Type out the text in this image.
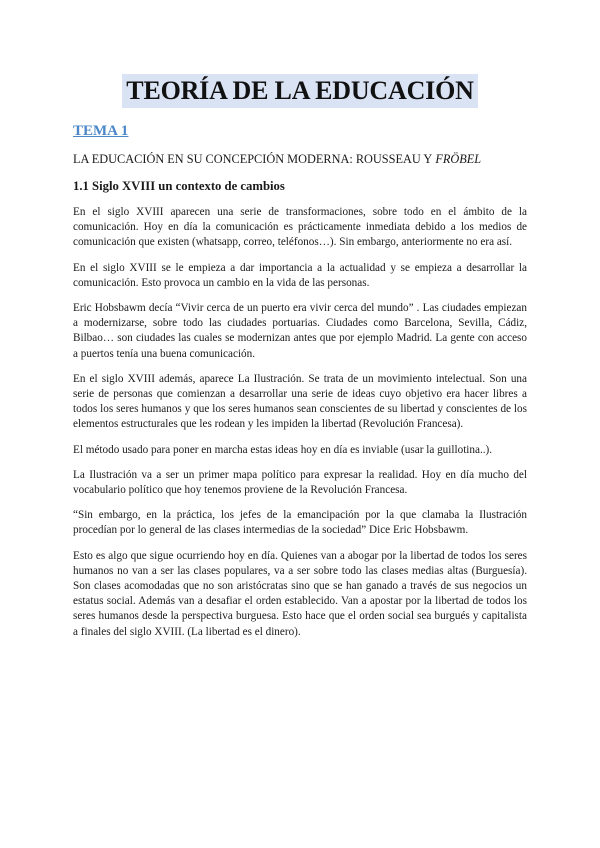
TEORÍA DE LA EDUCACIÓN
TEMA 1
LA EDUCACIÓN EN SU CONCEPCIÓN MODERNA: ROUSSEAU Y FRÖBEL
1.1 Siglo XVIII un contexto de cambios

En el siglo XVIII aparecen una serie de transformaciones, sobre todo en el ámbito de la comunicación. Hoy en día la comunicación es prácticamente inmediata debido a los medios de comunicación que existen (whatsapp, correo, teléfonos…). Sin embargo, anteriormente no era así.

En el siglo XVIII se le empieza a dar importancia a la actualidad y se empieza a desarrollar la comunicación. Esto provoca un cambio en la vida de las personas.

Eric Hobsbawm decía “Vivir cerca de un puerto era vivir cerca del mundo” . Las ciudades empiezan a modernizarse, sobre todo las ciudades portuarias. Ciudades como Barcelona, Sevilla, Cádiz, Bilbao… son ciudades las cuales se modernizan antes que por ejemplo Madrid. La gente con acceso a puertos tenía una buena comunicación.

En el siglo XVIII además, aparece La Ilustración. Se trata de un movimiento intelectual. Son una serie de personas que comienzan a desarrollar una serie de ideas cuyo objetivo era hacer libres a todos los seres humanos y que los seres humanos sean conscientes de su libertad y conscientes de los elementos estructurales que les rodean y les impiden la libertad (Revolución Francesa).

El método usado para poner en marcha estas ideas hoy en día es inviable (usar la guillotina..).

La Ilustración va a ser un primer mapa político para expresar la realidad. Hoy en día mucho del vocabulario político que hoy tenemos proviene de la Revolución Francesa.

“Sin embargo, en la práctica, los jefes de la emancipación por la que clamaba la Ilustración procedían por lo general de las clases intermedias de la sociedad” Dice Eric Hobsbawm.

Esto es algo que sigue ocurriendo hoy en día. Quienes van a abogar por la libertad de todos los seres humanos no van a ser las clases populares, va a ser sobre todo las clases medias altas (Burguesía). Son clases acomodadas que no son aristócratas sino que se han ganado a través de sus negocios un estatus social. Además van a desafiar el orden establecido. Van a apostar por la libertad de todos los seres humanos desde la perspectiva burguesa. Esto hace que el orden social sea burgués y capitalista a finales del siglo XVIII. (La libertad es el dinero).
